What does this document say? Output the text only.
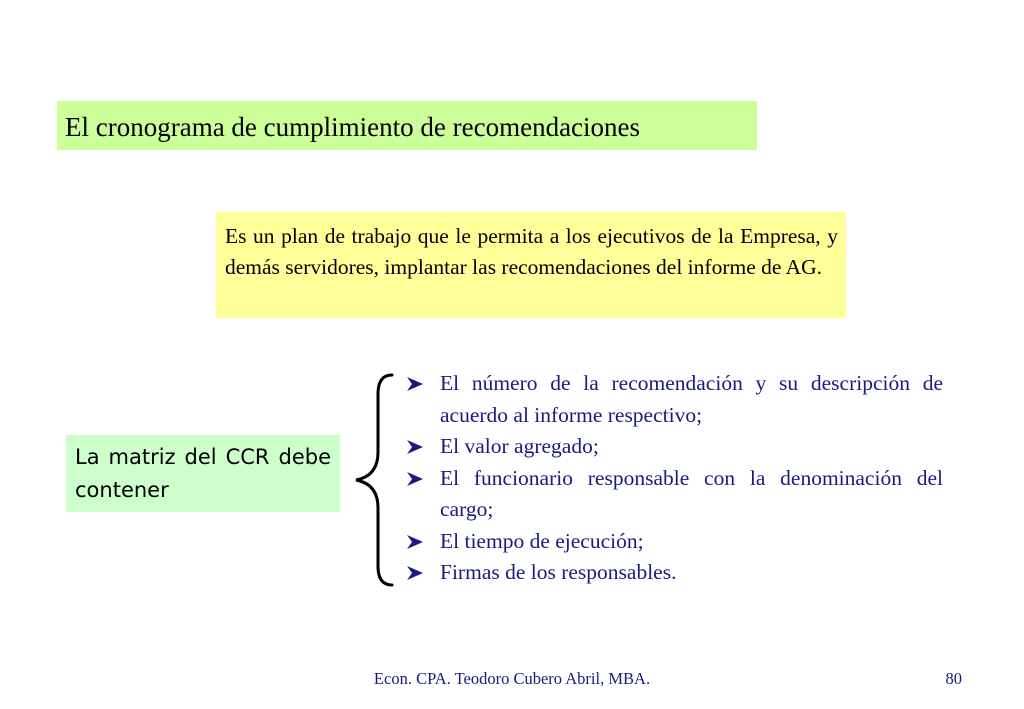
El cronograma de cumplimiento de recomendaciones
Es un plan de trabajo que le permita a los ejecutivos de la Empresa, y demás servidores, implantar las recomendaciones del informe de AG.
La matriz del CCR debe contener
El número de la recomendación y su descripción de acuerdo al informe respectivo;
El valor agregado;
El funcionario responsable con la denominación del cargo;
El tiempo de ejecución;
Firmas de los responsables.
Econ. CPA. Teodoro Cubero Abril, MBA.	80
